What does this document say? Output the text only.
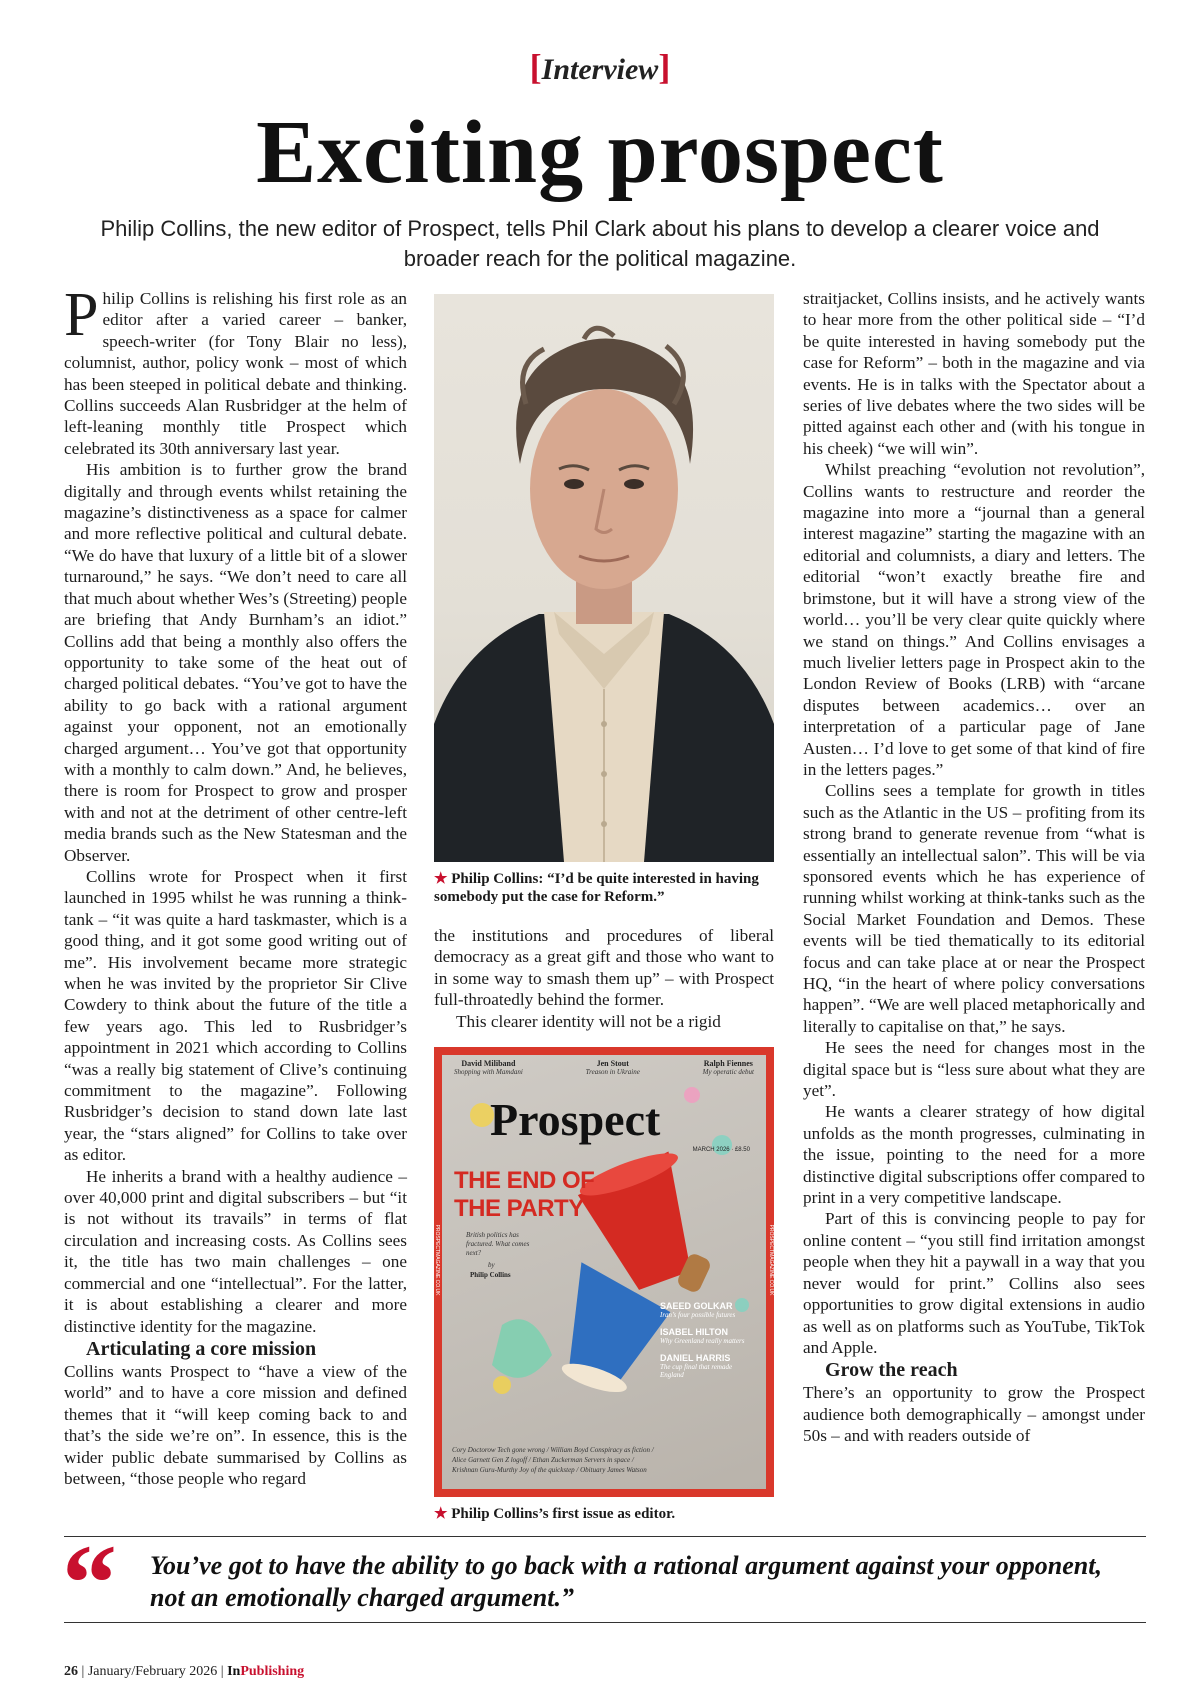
[Interview]
Exciting prospect
Philip Collins, the new editor of Prospect, tells Phil Clark about his plans to develop a clearer voice and broader reach for the political magazine.

Philip Collins is relishing his first role as an editor after a varied career – banker, speech-writer (for Tony Blair no less), columnist, author, policy wonk – most of which has been steeped in political debate and thinking. Collins succeeds Alan Rusbridger at the helm of left-leaning monthly title Prospect which celebrated its 30th anniversary last year.

His ambition is to further grow the brand digitally and through events whilst retaining the magazine’s distinctiveness as a space for calmer and more reflective political and cultural debate. “We do have that luxury of a little bit of a slower turnaround,” he says. “We don’t need to care all that much about whether Wes’s (Streeting) people are briefing that Andy Burnham’s an idiot.” Collins add that being a monthly also offers the opportunity to take some of the heat out of charged political debates. “You’ve got to have the ability to go back with a rational argument against your opponent, not an emotionally charged argument… You’ve got that opportunity with a monthly to calm down.” And, he believes, there is room for Prospect to grow and prosper with and not at the detriment of other centre-left media brands such as the New Statesman and the Observer.

Collins wrote for Prospect when it first launched in 1995 whilst he was running a think-tank – “it was quite a hard taskmaster, which is a good thing, and it got some good writing out of me”. His involvement became more strategic when he was invited by the proprietor Sir Clive Cowdery to think about the future of the title a few years ago. This led to Rusbridger’s appointment in 2021 which according to Collins “was a really big statement of Clive’s continuing commitment to the magazine”. Following Rusbridger’s decision to stand down late last year, the “stars aligned” for Collins to take over as editor.

He inherits a brand with a healthy audience – over 40,000 print and digital subscribers – but “it is not without its travails” in terms of flat circulation and increasing costs. As Collins sees it, the title has two main challenges – one commercial and one “intellectual”. For the latter, it is about establishing a clearer and more distinctive identity for the magazine.

Articulating a core mission

Collins wants Prospect to “have a view of the world” and to have a core mission and defined themes that it “will keep coming back to and that’s the side we’re on”. In essence, this is the wider public debate summarised by Collins as between, “those people who regard

★ Philip Collins: “I’d be quite interested in having somebody put the case for Reform.”

the institutions and procedures of liberal democracy as a great gift and those who want to in some way to smash them up” – with Prospect full-throatedly behind the former.

This clearer identity will not be a rigid

Prospect
MARCH 2026 · £8.50
David Miliband
Shopping with Mamdani
Jen Stout
Treason in Ukraine
Ralph Fiennes
My operatic debut
THE END OF
THE PARTY
British politics has fractured. What comes next?
by
Philip Collins
SAEED GOLKAR
Iran’s four possible futures
ISABEL HILTON
Why Greenland really matters
DANIEL HARRIS
The cup final that remade England
Cory Doctorow Tech gone wrong / William Boyd Conspiracy as fiction /
Alice Garnett Gen Z logoff / Ethan Zuckerman Servers in space /
Krishnan Guru-Murthy Joy of the quickstep / Obituary James Watson
PROSPECTMAGAZINE.CO.UK	PROSPECTMAGAZINE.CO.UK
★ Philip Collins’s first issue as editor.

straitjacket, Collins insists, and he actively wants to hear more from the other political side – “I’d be quite interested in having somebody put the case for Reform” – both in the magazine and via events. He is in talks with the Spectator about a series of live debates where the two sides will be pitted against each other and (with his tongue in his cheek) “we will win”.

Whilst preaching “evolution not revolution”, Collins wants to restructure and reorder the magazine into more a “journal than a general interest magazine” starting the magazine with an editorial and columnists, a diary and letters. The editorial “won’t exactly breathe fire and brimstone, but it will have a strong view of the world… you’ll be very clear quite quickly where we stand on things.” And Collins envisages a much livelier letters page in Prospect akin to the London Review of Books (LRB) with “arcane disputes between academics… over an interpretation of a particular page of Jane Austen… I’d love to get some of that kind of fire in the letters pages.”

Collins sees a template for growth in titles such as the Atlantic in the US – profiting from its strong brand to generate revenue from “what is essentially an intellectual salon”. This will be via sponsored events which he has experience of running whilst working at think-tanks such as the Social Market Foundation and Demos. These events will be tied thematically to its editorial focus and can take place at or near the Prospect HQ, “in the heart of where policy conversations happen”. “We are well placed metaphorically and literally to capitalise on that,” he says.

He sees the need for changes most in the digital space but is “less sure about what they are yet”.

He wants a clearer strategy of how digital unfolds as the month progresses, culminating in the issue, pointing to the need for a more distinctive digital subscriptions offer compared to print in a very competitive landscape.

Part of this is convincing people to pay for online content – “you still find irritation amongst people when they hit a paywall in a way that you never would for print.” Collins also sees opportunities to grow digital extensions in audio as well as on platforms such as YouTube, TikTok and Apple.

Grow the reach

There’s an opportunity to grow the Prospect audience both demographically – amongst under 50s – and with readers outside of

“ You’ve got to have the ability to go back with a rational argument against your opponent, not an emotionally charged argument.”
26 | January/February 2026 | InPublishing
